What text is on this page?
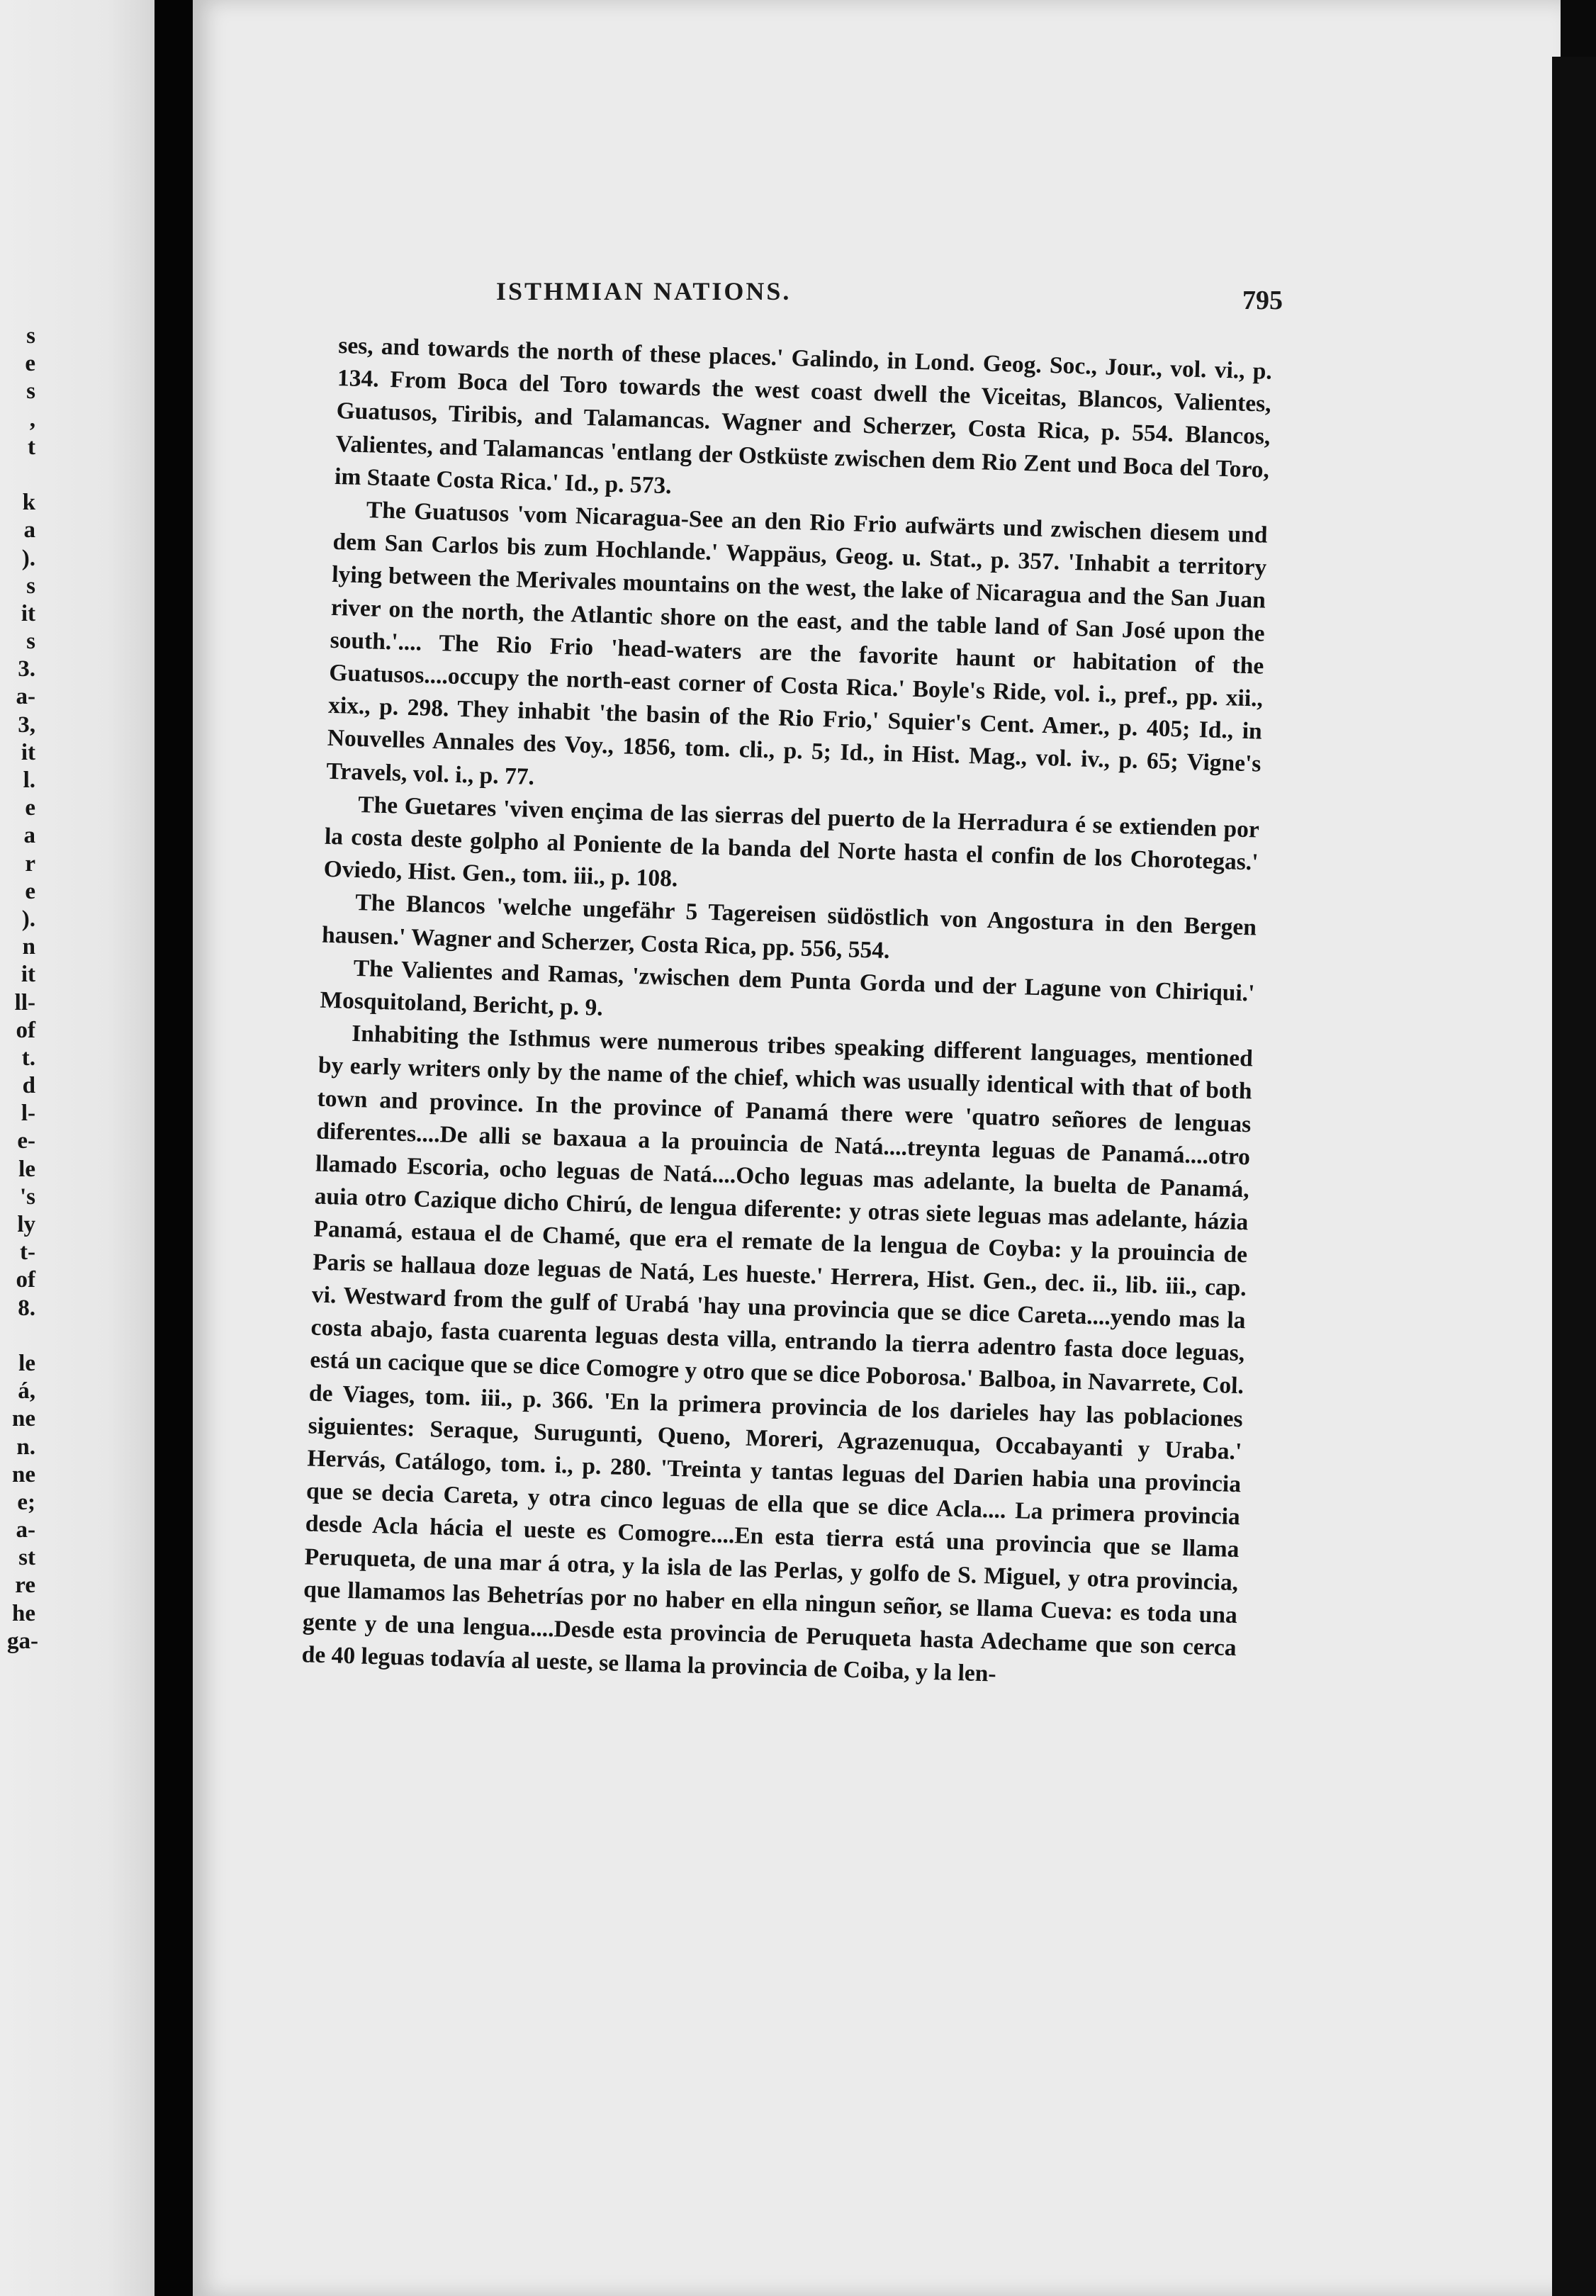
s
e
s
,
t
k
a
).
s
it
s
3.
a-
3,
it
l.
e
a
r
e
).
n
it
ll-
of
t.
d
l-
e-
le
's
ly
t-
of
8.
le
á,
ne
n.
ne
e;
a-
st
re
he
ga-
ISTHMIAN NATIONS.	795

ses, and towards the north of these places.' Galindo, in Lond. Geog. Soc., Jour., vol. vi., p. 134. From Boca del Toro towards the west coast dwell the Viceitas, Blancos, Valientes, Guatusos, Tiribis, and Talamancas. Wagner and Scherzer, Costa Rica, p. 554. Blancos, Valientes, and Talamancas 'entlang der Ostküste zwischen dem Rio Zent und Boca del Toro, im Staate Costa Rica.' Id., p. 573.

The Guatusos 'vom Nicaragua-See an den Rio Frio aufwärts und zwischen diesem und dem San Carlos bis zum Hochlande.' Wappäus, Geog. u. Stat., p. 357. 'Inhabit a territory lying between the Merivales mountains on the west, the lake of Nicaragua and the San Juan river on the north, the Atlantic shore on the east, and the table land of San José upon the south.'.... The Rio Frio 'head-waters are the favorite haunt or habitation of the Guatusos....occupy the north-east corner of Costa Rica.' Boyle's Ride, vol. i., pref., pp. xii., xix., p. 298. They inhabit 'the basin of the Rio Frio,' Squier's Cent. Amer., p. 405; Id., in Nouvelles Annales des Voy., 1856, tom. cli., p. 5; Id., in Hist. Mag., vol. iv., p. 65; Vigne's Travels, vol. i., p. 77.

The Guetares 'viven ençima de las sierras del puerto de la Herradura é se extienden por la costa deste golpho al Poniente de la banda del Norte hasta el confin de los Chorotegas.' Oviedo, Hist. Gen., tom. iii., p. 108.

The Blancos 'welche ungefähr 5 Tagereisen südöstlich von Angostura in den Bergen hausen.' Wagner and Scherzer, Costa Rica, pp. 556, 554.

The Valientes and Ramas, 'zwischen dem Punta Gorda und der Lagune von Chiriqui.' Mosquitoland, Bericht, p. 9.

Inhabiting the Isthmus were numerous tribes speaking different languages, mentioned by early writers only by the name of the chief, which was usually identical with that of both town and province. In the province of Panamá there were 'quatro señores de lenguas diferentes....De alli se baxaua a la prouincia de Natá....treynta leguas de Panamá....otro llamado Escoria, ocho leguas de Natá....Ocho leguas mas adelante, la buelta de Panamá, auia otro Cazique dicho Chirú, de lengua diferente: y otras siete leguas mas adelante, házia Panamá, estaua el de Chamé, que era el remate de la lengua de Coyba: y la prouincia de Paris se hallaua doze leguas de Natá, Les hueste.' Herrera, Hist. Gen., dec. ii., lib. iii., cap. vi. Westward from the gulf of Urabá 'hay una provincia que se dice Careta....yendo mas la costa abajo, fasta cuarenta leguas desta villa, entrando la tierra adentro fasta doce leguas, está un cacique que se dice Comogre y otro que se dice Poborosa.' Balboa, in Navarrete, Col. de Viages, tom. iii., p. 366. 'En la primera provincia de los darieles hay las poblaciones siguientes: Seraque, Surugunti, Queno, Moreri, Agrazenuqua, Occabayanti y Uraba.' Hervás, Catálogo, tom. i., p. 280. 'Treinta y tantas leguas del Darien habia una provincia que se decia Careta, y otra cinco leguas de ella que se dice Acla.... La primera provincia desde Acla hácia el ueste es Comogre....En esta tierra está una provincia que se llama Peruqueta, de una mar á otra, y la isla de las Perlas, y golfo de S. Miguel, y otra provincia, que llamamos las Behetrías por no haber en ella ningun señor, se llama Cueva: es toda una gente y de una lengua....Desde esta provincia de Peruqueta hasta Adechame que son cerca de 40 leguas todavía al ueste, se llama la provincia de Coiba, y la len-
